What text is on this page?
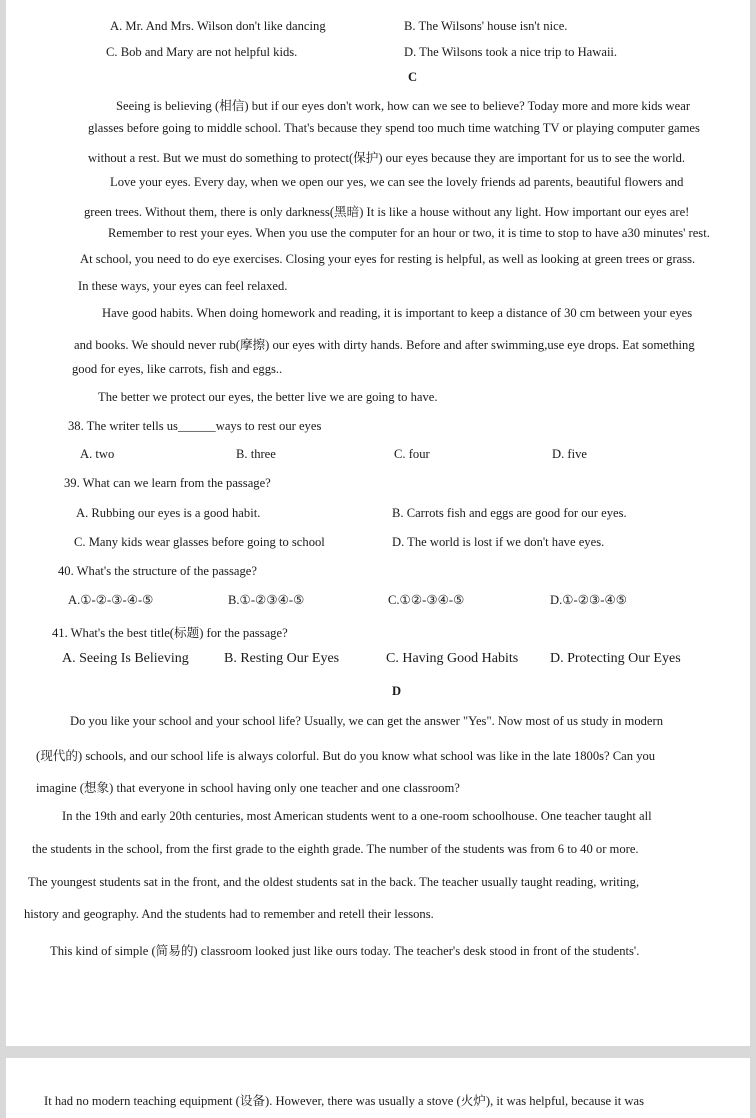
A. Mr. And Mrs. Wilson don't like dancing	B. The Wilsons' house isn't nice.
C. Bob and Mary are not helpful kids.	D. The Wilsons took a nice trip to Hawaii.
C
Seeing is believing (相信) but if our eyes don't work, how can we see to believe? Today more and more kids wear
glasses before going to middle school. That's because they spend too much time watching TV or playing computer games
without a rest. But we must do something to protect(保护) our eyes because they are important for us to see the world.
Love your eyes. Every day, when we open our yes, we can see the lovely friends ad parents, beautiful flowers and
green trees. Without them, there is only darkness(黑暗) It is like a house without any light. How important our eyes are!
Remember to rest your eyes. When you use the computer for an hour or two, it is time to stop to have a30 minutes' rest.
At school, you need to do eye exercises. Closing your eyes for resting is helpful, as well as looking at green trees or grass.
In these ways, your eyes can feel relaxed.
Have good habits. When doing homework and reading, it is important to keep a distance of 30 cm between your eyes
and books. We should never rub(摩擦) our eyes with dirty hands. Before and after swimming,use eye drops. Eat something
good for eyes, like carrots, fish and eggs..
The better we protect our eyes, the better live we are going to have.
38. The writer tells us______ways to rest our eyes
A. two	B. three	C. four	D. five
39. What can we learn from the passage?
A. Rubbing our eyes is a good habit.	B. Carrots fish and eggs are good for our eyes.
C. Many kids wear glasses before going to school	D. The world is lost if we don't have eyes.
40. What's the structure of the passage?
A.①-②-③-④-⑤	B.①-②③④-⑤	C.①②-③④-⑤	D.①-②③-④⑤
41. What's the best title(标题) for the passage?
A. Seeing Is Believing	B. Resting Our Eyes	C. Having Good Habits D. Protecting Our Eyes
D
Do you like your school and your school life? Usually, we can get the answer "Yes". Now most of us study in modern
(现代的) schools, and our school life is always colorful. But do you know what school was like in the late 1800s? Can you
imagine (想象) that everyone in school having only one teacher and one classroom?
In the 19th and early 20th centuries, most American students went to a one-room schoolhouse. One teacher taught all
the students in the school, from the first grade to the eighth grade. The number of the students was from 6 to 40 or more.
The youngest students sat in the front, and the oldest students sat in the back. The teacher usually taught reading, writing,
history and geography. And the students had to remember and retell their lessons.
This kind of simple (简易的) classroom looked just like ours today. The teacher's desk stood in front of the students'.
It had no modern teaching equipment (设备). However, there was usually a stove (火炉), it was helpful, because it was
